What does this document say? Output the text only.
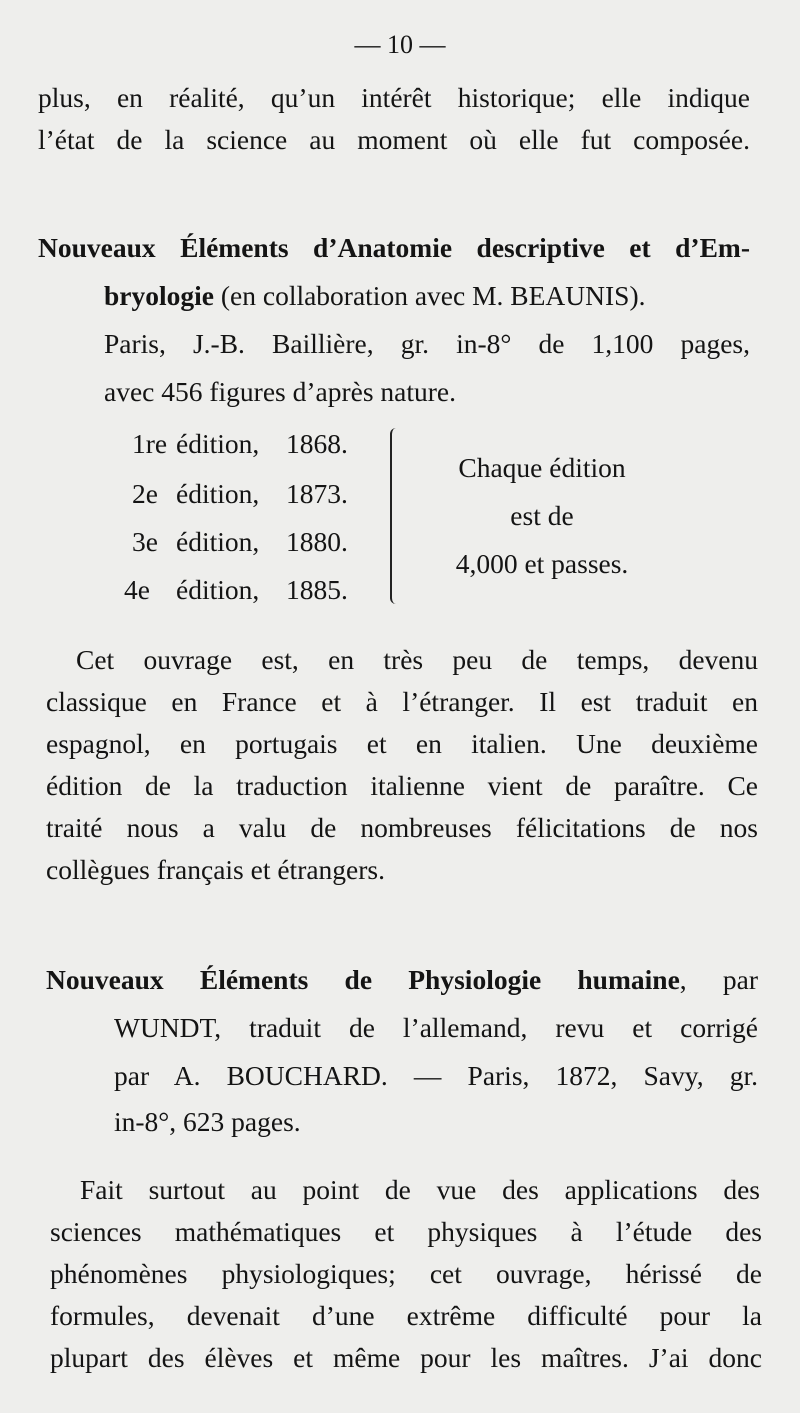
— 10 —
plus, en réalité, qu’un intérêt historique; elle indique
l’état de la science au moment où elle fut composée.
Nouveaux Éléments d’Anatomie descriptive et d’Em-
bryologie (en collaboration avec M. BEAUNIS).
Paris, J.-B. Baillière, gr. in-8° de 1,100 pages,
avec 456 figures d’après nature.
1re édition, 1868.
2e édition, 1873.
3e édition, 1880.
4e édition, 1885.
Chaque édition
est de
4,000 et passes.
Cet ouvrage est, en très peu de temps, devenu
classique en France et à l’étranger. Il est traduit en
espagnol, en portugais et en italien. Une deuxième
édition de la traduction italienne vient de paraître. Ce
traité nous a valu de nombreuses félicitations de nos
collègues français et étrangers.
Nouveaux Éléments de Physiologie humaine, par
WUNDT, traduit de l’allemand, revu et corrigé
par A. BOUCHARD. — Paris, 1872, Savy, gr.
in-8°, 623 pages.
Fait surtout au point de vue des applications des
sciences mathématiques et physiques à l’étude des
phénomènes physiologiques; cet ouvrage, hérissé de
formules, devenait d’une extrême difficulté pour la
plupart des élèves et même pour les maîtres. J’ai donc
